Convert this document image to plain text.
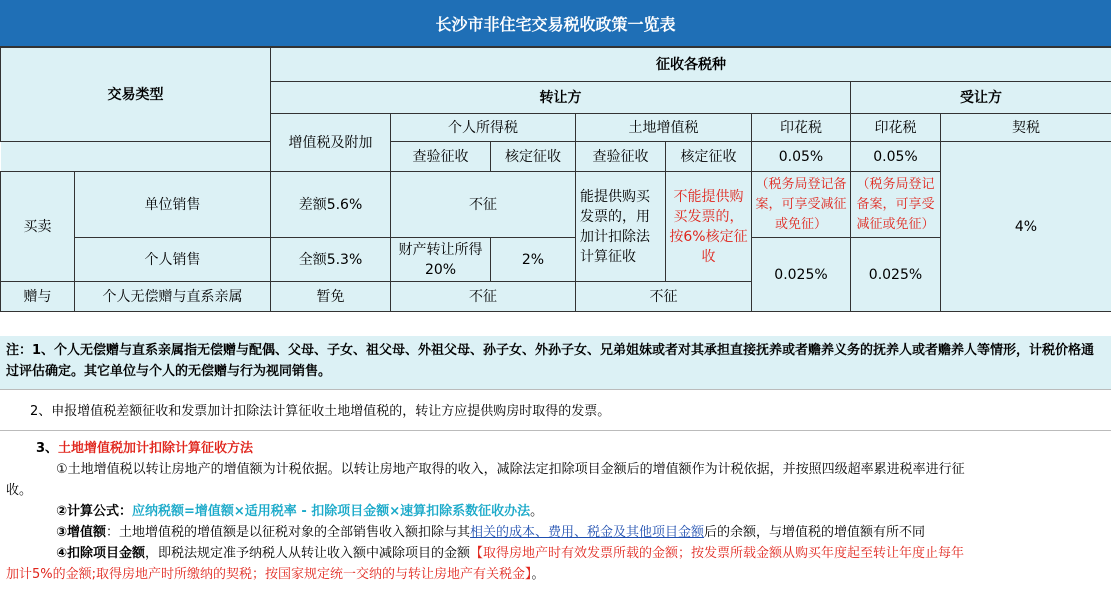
长沙市非住宅交易税收政策一览表
交易类型		征收各税种							
		转让方						受让方	
		增值税及附加	个人所得税		土地增值税		印花税	印花税	契税
			查验征收	核定征收	查验征收	核定征收	0.05%	0.05%	4%
买卖	单位销售	差额5.6%	不征		能提供购买发票的，用加计扣除法计算征收	不能提供购买发票的，按6%核定征收	（税务局登记备案，可享受减征或免征）	（税务局登记备案，可享受减征或免征）	
	个人销售	全额5.3%	财产转让所得20%	2%			0.025%	0.025%	
赠与	个人无偿赠与直系亲属	暂免	不征		不征				
注：1、个人无偿赠与直系亲属指无偿赠与配偶、父母、子女、祖父母、外祖父母、孙子女、外孙子女、兄弟姐妹或者对其承担直接抚养或者赡养义务的抚养人或者赡养人等情形，计税价格通过评估确定。其它单位与个人的无偿赠与行为视同销售。
2、申报增值税差额征收和发票加计扣除法计算征收土地增值税的，转让方应提供购房时取得的发票。
3、土地增值税加计扣除计算征收方法
①土地增值税以转让房地产的增值额为计税依据。以转让房地产取得的收入，减除法定扣除项目金额后的增值额作为计税依据，并按照四级超率累进税率进行征
收。
②计算公式：应纳税额=增值额×适用税率 - 扣除项目金额×速算扣除系数征收办法。
③增值额：土地增值税的增值额是以征税对象的全部销售收入额扣除与其相关的成本、费用、税金及其他项目金额后的余额，与增值税的增值额有所不同
④扣除项目金额，即税法规定准予纳税人从转让收入额中减除项目的金额【取得房地产时有效发票所载的金额；按发票所载金额从购买年度起至转让年度止每年
加计5%的金额;取得房地产时所缴纳的契税；按国家规定统一交纳的与转让房地产有关税金】。
